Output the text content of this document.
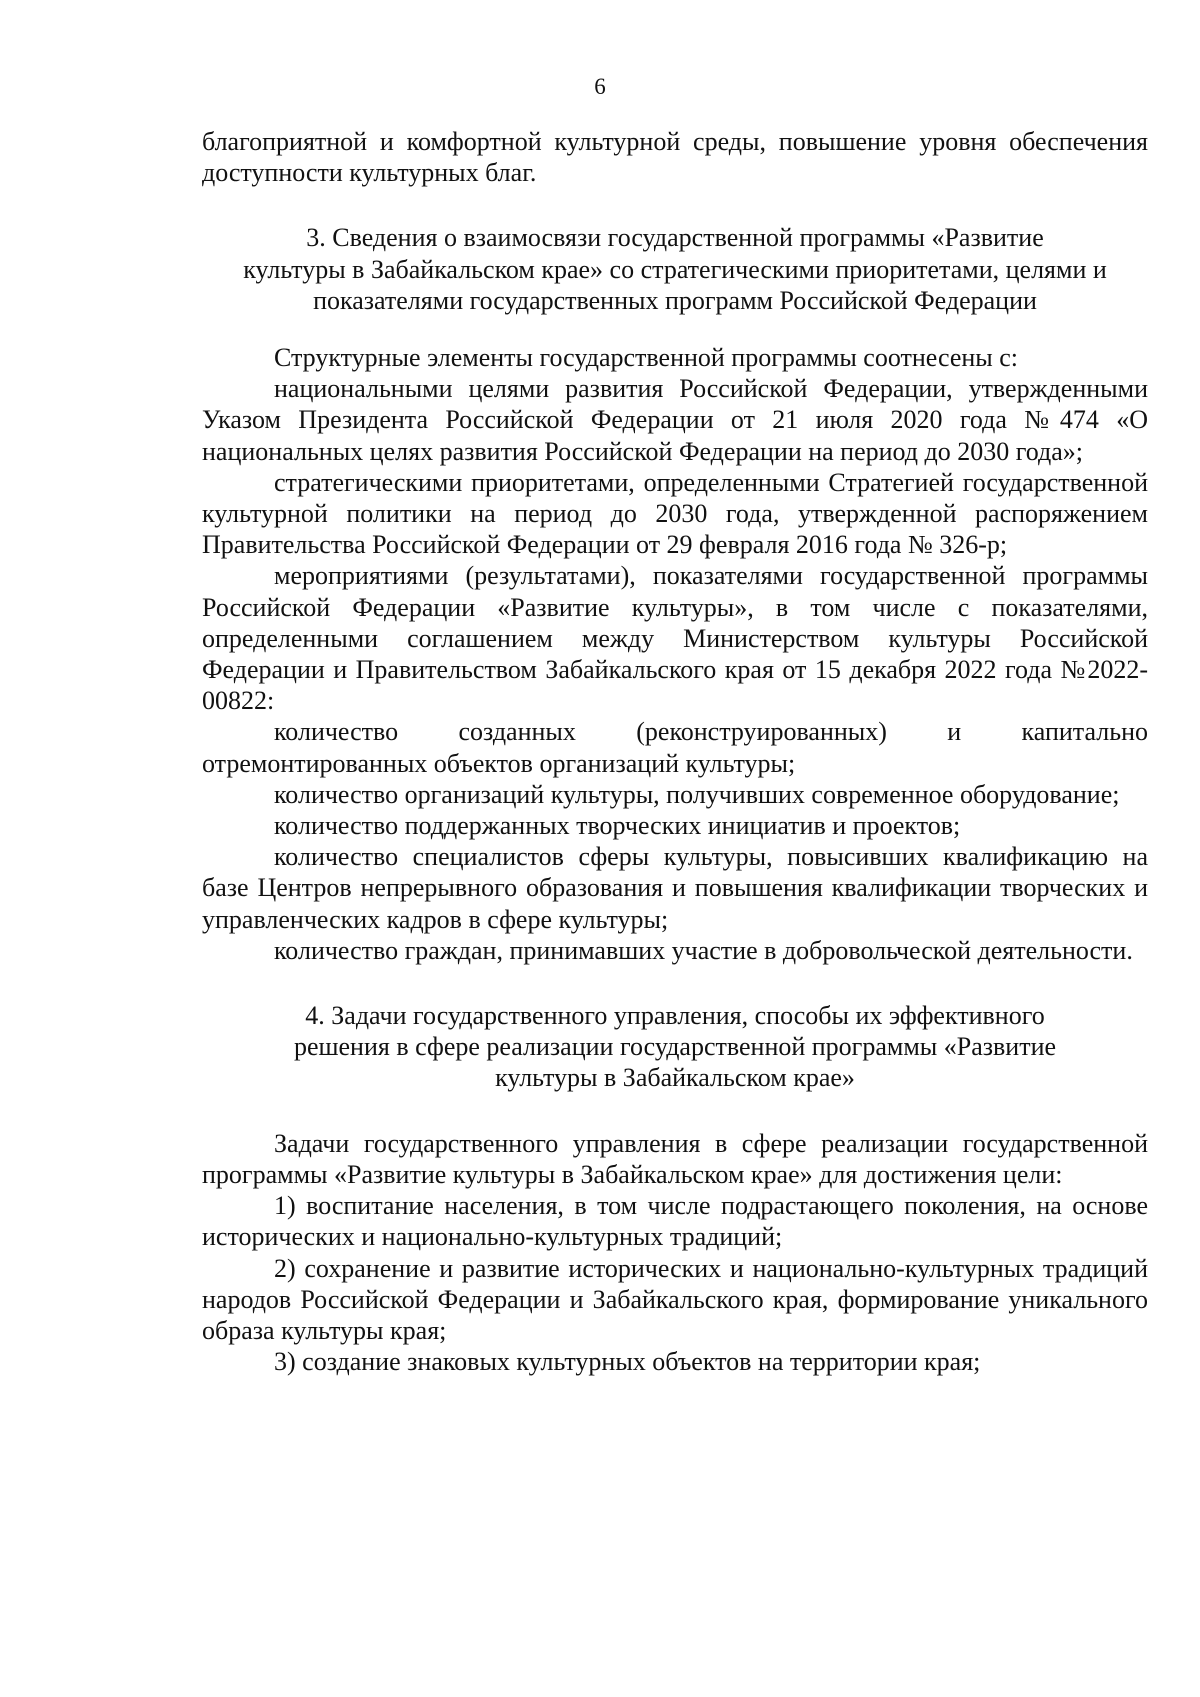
6

благоприятной и комфортной культурной среды, повышение уровня обеспечения доступности культурных благ.

3. Сведения о взаимосвязи государственной программы «Развитие
культуры в Забайкальском крае» со стратегическими приоритетами, целями и
показателями государственных программ Российской Федерации

Структурные элементы государственной программы соотнесены с:

национальными целями развития Российской Федерации, утвержденными Указом Президента Российской Федерации от 21 июля 2020 года №474 «О национальных целях развития Российской Федерации на период до 2030 года»;

стратегическими приоритетами, определенными Стратегией государственной культурной политики на период до 2030 года, утвержденной распоряжением Правительства Российской Федерации от 29 февраля 2016 года № 326-р;

мероприятиями (результатами), показателями государственной программы Российской Федерации «Развитие культуры», в том числе с показателями, определенными соглашением между Министерством культуры Российской Федерации и Правительством Забайкальского края от 15 декабря 2022 года №2022-00822:

количество созданных (реконструированных) и капитально отремонтированных объектов организаций культуры;

количество организаций культуры, получивших современное оборудование;

количество поддержанных творческих инициатив и проектов;

количество специалистов сферы культуры, повысивших квалификацию на базе Центров непрерывного образования и повышения квалификации творческих и управленческих кадров в сфере культуры;

количество граждан, принимавших участие в добровольческой деятельности.

4. Задачи государственного управления, способы их эффективного
решения в сфере реализации государственной программы «Развитие
культуры в Забайкальском крае»

Задачи государственного управления в сфере реализации государственной программы «Развитие культуры в Забайкальском крае» для достижения цели:

1) воспитание населения, в том числе подрастающего поколения, на основе исторических и национально-культурных традиций;

2) сохранение и развитие исторических и национально-культурных традиций народов Российской Федерации и Забайкальского края, формирование уникального образа культуры края;

3) создание знаковых культурных объектов на территории края;
